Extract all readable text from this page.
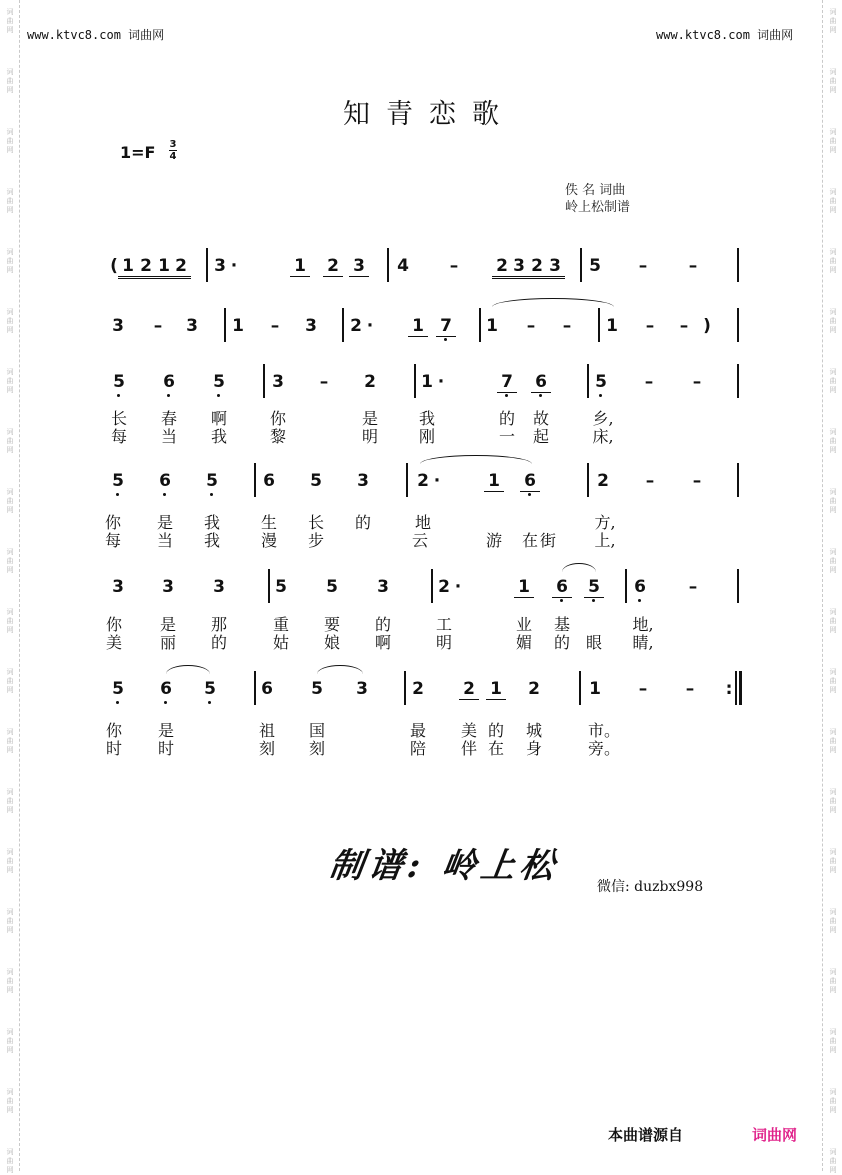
词
曲
网
词
曲
网
词
曲
网
词
曲
网
词
曲
网
词
曲
网
词
曲
网
词
曲
网
词
曲
网
词
曲
网
词
曲
网
词
曲
网
词
曲
网
词
曲
网
词
曲
网
词
曲
网
词
曲
网
词
曲
网
词
曲
网
词
曲
网
词
曲
网
词
曲
网
词
曲
网
词
曲
网
词
曲
网
词
曲
网
词
曲
网
词
曲
网
词
曲
网
词
曲
网
词
曲
网
词
曲
网
词
曲
网
词
曲
网
词
曲
网
词
曲
网
词
曲
网
词
曲
网
词
曲
网
词
曲
网
www.ktvc8.com 词曲网	www.ktvc8.com 词曲网
知青恋歌
1=F 3
4
佚 名 词曲
岭上松制谱
( 1 2 1 2 3 ·	1 2 3 4	–	2 3 2 3 5	–	–
3	–	3 1	–	3 2 ·	1 7 1	–	–	1	–	– )
5 6 5	3	–	2	1 ·	7 6	5	–	–
长 春 啊	你	是	我	的 故	乡,
每 当 我	黎	明	刚	一 起	床,
5 6 5	6 5 3	2 ·	1 6	2	–	–
你 是 我	生 长 的	地	方,
每 当 我	漫 步	云	游 在 街 上,
3 3 3	5 5 3	2 ·	1 6 5 6	–
你 是 那	重 要 的	工	业 基	地,
美 丽 的	姑 娘 啊	明	媚 的 眼 睛,
5 6 5	6 5 3	2 2 1 2	1	–	–	:
你 是	祖 国	最 美 的 城	市。
时 时	刻 刻	陪 伴 在 身	旁。
制谱: 岭上松
微信: duzbx998
本曲谱源自	词曲网
